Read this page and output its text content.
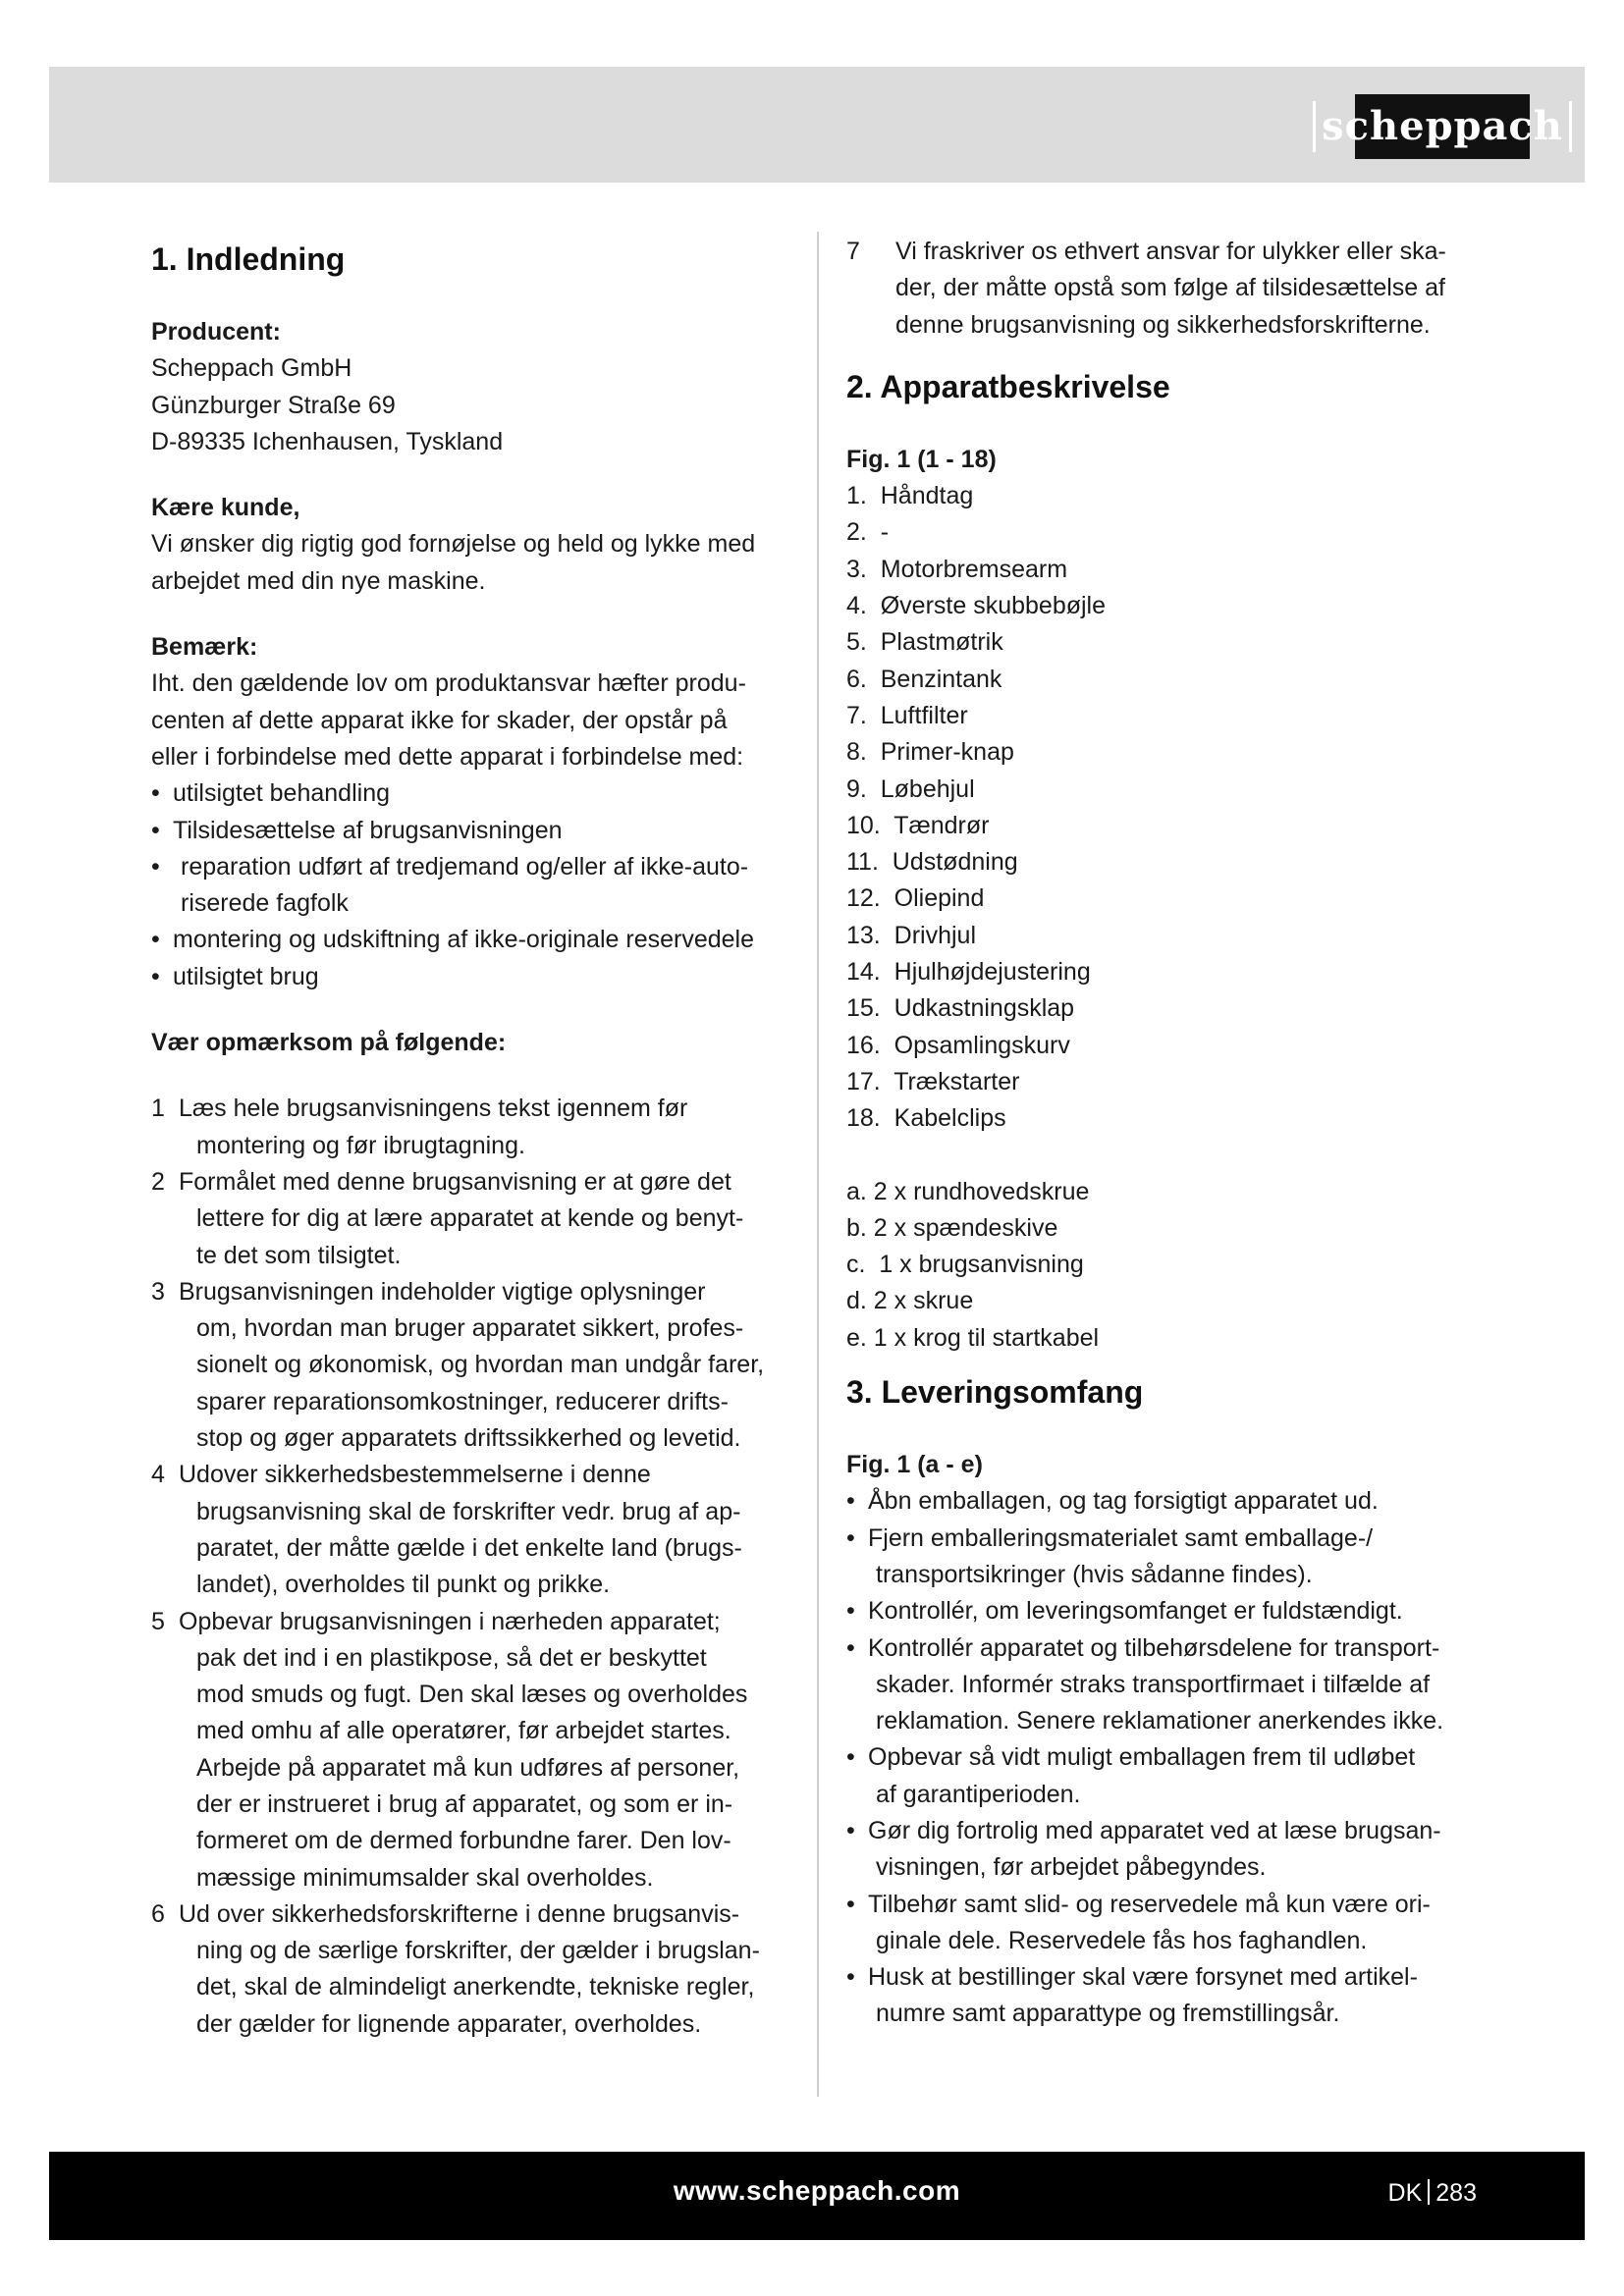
scheppach
1. Indledning
Producent:
Scheppach GmbH
Günzburger Straße 69
D-89335 Ichenhausen, Tyskland
Kære kunde,
Vi ønsker dig rigtig god fornøjelse og held og lykke med
arbejdet med din nye maskine.
Bemærk:
Iht. den gældende lov om produktansvar hæfter produ-
centen af dette apparat ikke for skader, der opstår på
eller i forbindelse med dette apparat i forbindelse med:
• utilsigtet behandling
• Tilsidesættelse af brugsanvisningen
• reparation udført af tredjemand og/eller af ikke-auto-
riserede fagfolk
• montering og udskiftning af ikke-originale reservedele
• utilsigtet brug
Vær opmærksom på følgende:
1 Læs hele brugsanvisningens tekst igennem før
montering og før ibrugtagning.
2 Formålet med denne brugsanvisning er at gøre det
lettere for dig at lære apparatet at kende og benyt-
te det som tilsigtet.
3 Brugsanvisningen indeholder vigtige oplysninger
om, hvordan man bruger apparatet sikkert, profes-
sionelt og økonomisk, og hvordan man undgår farer,
sparer reparationsomkostninger, reducerer drifts-
stop og øger apparatets driftssikkerhed og levetid.
4 Udover sikkerhedsbestemmelserne i denne
brugsanvisning skal de forskrifter vedr. brug af ap-
paratet, der måtte gælde i det enkelte land (brugs-
landet), overholdes til punkt og prikke.
5 Opbevar brugsanvisningen i nærheden apparatet;
pak det ind i en plastikpose, så det er beskyttet
mod smuds og fugt. Den skal læses og overholdes
med omhu af alle operatører, før arbejdet startes.
Arbejde på apparatet må kun udføres af personer,
der er instrueret i brug af apparatet, og som er in-
formeret om de dermed forbundne farer. Den lov-
mæssige minimumsalder skal overholdes.
6 Ud over sikkerhedsforskrifterne i denne brugsanvis-
ning og de særlige forskrifter, der gælder i brugslan-
det, skal de almindeligt anerkendte, tekniske regler,
der gælder for lignende apparater, overholdes.
7	Vi fraskriver os ethvert ansvar for ulykker eller ska-
der, der måtte opstå som følge af tilsidesættelse af
denne brugsanvisning og sikkerhedsforskrifterne.
2. Apparatbeskrivelse
Fig. 1 (1 - 18)
1.  Håndtag
2.  -
3.  Motorbremsearm
4.  Øverste skubbebøjle
5.  Plastmøtrik
6.  Benzintank
7.  Luftfilter
8.  Primer-knap
9.  Løbehjul
10.  Tændrør
11.  Udstødning
12.  Oliepind
13.  Drivhjul
14.  Hjulhøjdejustering
15.  Udkastningsklap
16.  Opsamlingskurv
17.  Trækstarter
18.  Kabelclips
a. 2 x rundhovedskrue
b. 2 x spændeskive
c.  1 x brugsanvisning
d. 2 x skrue
e. 1 x krog til startkabel
3. Leveringsomfang
Fig. 1 (a - e)
• Åbn emballagen, og tag forsigtigt apparatet ud.
• Fjern emballeringsmaterialet samt emballage-/
transportsikringer (hvis sådanne findes).
• Kontrollér, om leveringsomfanget er fuldstændigt.
• Kontrollér apparatet og tilbehørsdelene for transport-
skader. Informér straks transportfirmaet i tilfælde af
reklamation. Senere reklamationer anerkendes ikke.
• Opbevar så vidt muligt emballagen frem til udløbet
af garantiperioden.
• Gør dig fortrolig med apparatet ved at læse brugsan-
visningen, før arbejdet påbegyndes.
• Tilbehør samt slid- og reservedele må kun være ori-
ginale dele. Reservedele fås hos faghandlen.
• Husk at bestillinger skal være forsynet med artikel-
numre samt apparattype og fremstillingsår.
www.scheppach.com	DK 283
